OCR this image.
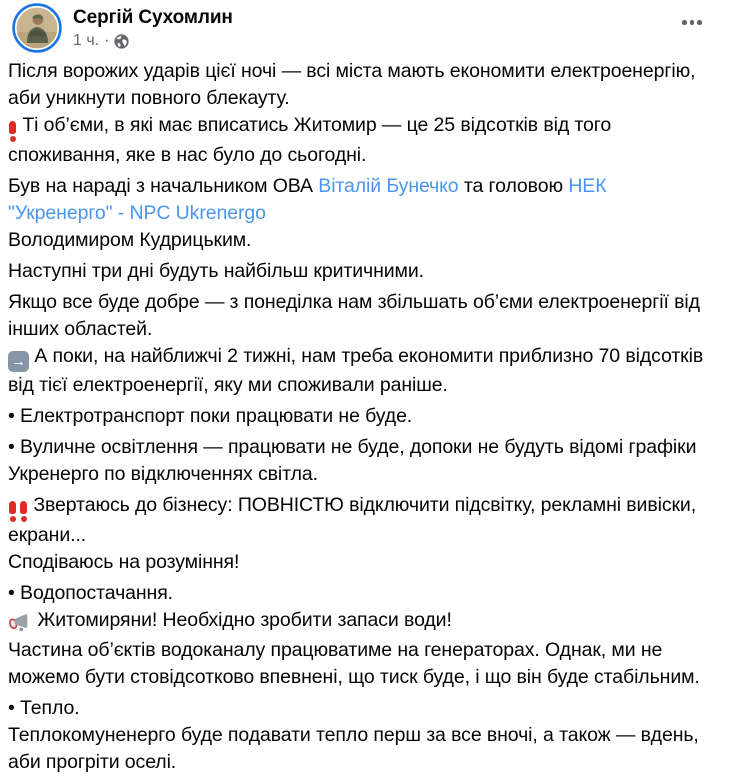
Сергій Сухомлин
1 ч. ·
Після ворожих ударів цієї ночі — всі міста мають економити електроенергію, аби уникнути повного блекауту.

Ті об’єми, в які має вписатись Житомир — це 25 відсотків від того споживання, яке в нас було до сьогодні.
Був на нараді з начальником ОВА Віталій Бунечко та головою НЕК "Укренерго" - NPC Ukrenergo
Володимиром Кудрицьким.
Наступні три дні будуть найбільш критичними.
Якщо все буде добре — з понеділка нам збільшать об’єми електроенергії від інших областей.
→ А поки, на найближчі 2 тижні, нам треба економити приблизно 70 відсотків від тієї електроенергії, яку ми споживали раніше.
• Електротранспорт поки працювати не буде.
• Вуличне освітлення — працювати не буде, допоки не будуть відомі графіки Укренерго по відключеннях світла.
Звертаюсь до бізнесу: ПОВНІСТЮ відключити підсвітку, рекламні вивіски, екрани...
Сподіваюсь на розуміння!
• Водопостачання.
Житомиряни! Необхідно зробити запаси води!
Частина об’єктів водоканалу працюватиме на генераторах. Однак, ми не можемо бути стовідсотково впевнені, що тиск буде, і що він буде стабільним.
• Тепло.
Теплокомуненерго буде подавати тепло перш за все вночі, а також — вдень, аби прогріти оселі.
